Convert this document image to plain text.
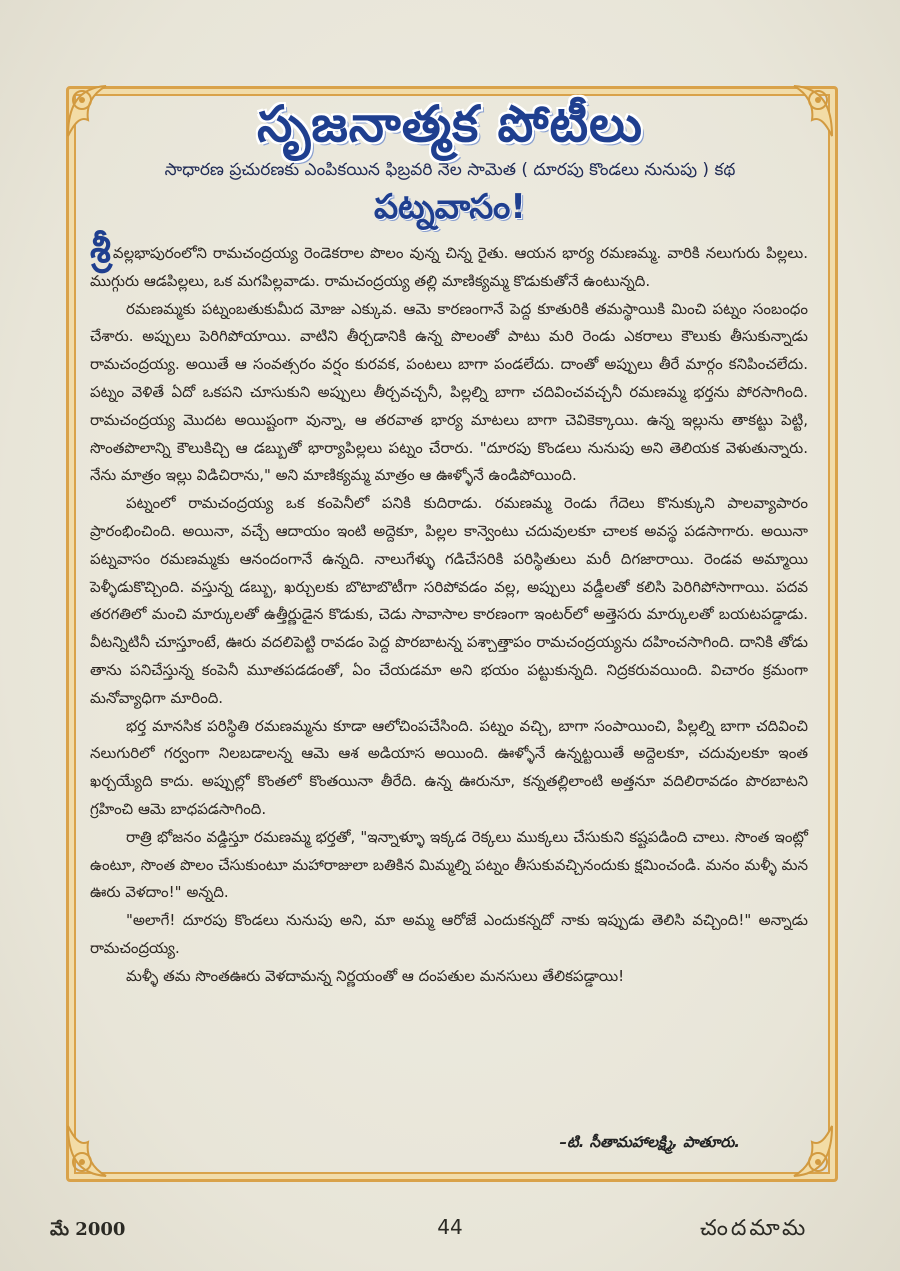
సృజనాత్మక పోటీలు
సాధారణ ప్రచురణకు ఎంపికయిన ఫిబ్రవరి నెల సామెత ( దూరపు కొండలు నునుపు ) కథ
పట్నవాసం!

శ్రీ వల్లభాపురంలోని రామచంద్రయ్య రెండెకరాల పొలం వున్న చిన్న రైతు. ఆయన భార్య రమణమ్మ. వారికి నలుగురు పిల్లలు. ముగ్గురు ఆడపిల్లలు, ఒక మగపిల్లవాడు. రామచంద్రయ్య తల్లి మాణిక్యమ్మ కొడుకుతోనే ఉంటున్నది.

రమణమ్మకు పట్నంబతుకుమీద మోజు ఎక్కువ. ఆమె కారణంగానే పెద్ద కూతురికి తమస్థాయికి మించి పట్నం సంబంధం చేశారు. అప్పులు పెరిగిపోయాయి. వాటిని తీర్చడానికి ఉన్న పొలంతో పాటు మరి రెండు ఎకరాలు కౌలుకు తీసుకున్నాడు రామచంద్రయ్య. అయితే ఆ సంవత్సరం వర్షం కురవక, పంటలు బాగా పండలేదు. దాంతో అప్పులు తీరే మార్గం కనిపించలేదు. పట్నం వెళితే ఏదో ఒకపని చూసుకుని అప్పులు తీర్చవచ్చనీ, పిల్లల్ని బాగా చదివించవచ్చనీ రమణమ్మ భర్తను పోరసాగింది. రామచంద్రయ్య మొదట అయిష్టంగా వున్నా, ఆ తరవాత భార్య మాటలు బాగా చెవికెక్కాయి. ఉన్న ఇల్లును తాకట్టు పెట్టి, సొంతపొలాన్ని కౌలుకిచ్చి ఆ డబ్బుతో భార్యాపిల్లలు పట్నం చేరారు. "దూరపు కొండలు నునుపు అని తెలియక వెళుతున్నారు. నేను మాత్రం ఇల్లు విడిచిరాను," అని మాణిక్యమ్మ మాత్రం ఆ ఊళ్ళోనే ఉండిపోయింది.

పట్నంలో రామచంద్రయ్య ఒక కంపెనీలో పనికి కుదిరాడు. రమణమ్మ రెండు గేదెలు కొనుక్కుని పాలవ్యాపారం ప్రారంభించింది. అయినా, వచ్చే ఆదాయం ఇంటి అద్దెకూ, పిల్లల కాన్వెంటు చదువులకూ చాలక అవస్థ పడసాగారు. అయినా పట్నవాసం రమణమ్మకు ఆనందంగానే ఉన్నది. నాలుగేళ్ళు గడిచేసరికి పరిస్థితులు మరీ దిగజారాయి. రెండవ అమ్మాయి పెళ్ళీడుకొచ్చింది. వస్తున్న డబ్బు, ఖర్చులకు బొటాబొటీగా సరిపోవడం వల్ల, అప్పులు వడ్డీలతో కలిసి పెరిగిపోసాగాయి. పదవ తరగతిలో మంచి మార్కులతో ఉత్తీర్ణుడైన కొడుకు, చెడు సావాసాల కారణంగా ఇంటర్‌లో అత్తెసరు మార్కులతో బయటపడ్డాడు. వీటన్నిటినీ చూస్తూంటే, ఊరు వదలిపెట్టి రావడం పెద్ద పొరబాటన్న పశ్చాత్తాపం రామచంద్రయ్యను దహించసాగింది. దానికి తోడు తాను పనిచేస్తున్న కంపెనీ మూతపడడంతో, ఏం చేయడమా అని భయం పట్టుకున్నది. నిద్రకరువయింది. విచారం క్రమంగా మనోవ్యాధిగా మారింది.

భర్త మానసిక పరిస్థితి రమణమ్మను కూడా ఆలోచింపచేసింది. పట్నం వచ్చి, బాగా సంపాయించి, పిల్లల్ని బాగా చదివించి నలుగురిలో గర్వంగా నిలబడాలన్న ఆమె ఆశ అడియాస అయింది. ఊళ్ళోనే ఉన్నట్టయితే అద్దెలకూ, చదువులకూ ఇంత ఖర్చయ్యేది కాదు. అప్పుల్లో కొంతలో కొంతయినా తీరేది. ఉన్న ఊరునూ, కన్నతల్లిలాంటి అత్తనూ వదిలిరావడం పొరబాటని గ్రహించి ఆమె బాధపడసాగింది.

రాత్రి భోజనం వడ్డిస్తూ రమణమ్మ భర్తతో, "ఇన్నాళ్ళూ ఇక్కడ రెక్కలు ముక్కలు చేసుకుని కష్టపడింది చాలు. సొంత ఇంట్లో ఉంటూ, సొంత పొలం చేసుకుంటూ మహారాజులా బతికిన మిమ్మల్ని పట్నం తీసుకువచ్చినందుకు క్షమించండి. మనం మళ్ళీ మన ఊరు వెళదాం!" అన్నది.

"అలాగే! దూరపు కొండలు నునుపు అని, మా అమ్మ ఆరోజే ఎందుకన్నదో నాకు ఇప్పుడు తెలిసి వచ్చింది!" అన్నాడు రామచంద్రయ్య.

మళ్ళీ తమ సొంతఊరు వెళదామన్న నిర్ణయంతో ఆ దంపతుల మనసులు తేలికపడ్డాయి!

–టి. సీతామహాలక్ష్మి, పాతూరు.
మే 2000	44	చందమామ
